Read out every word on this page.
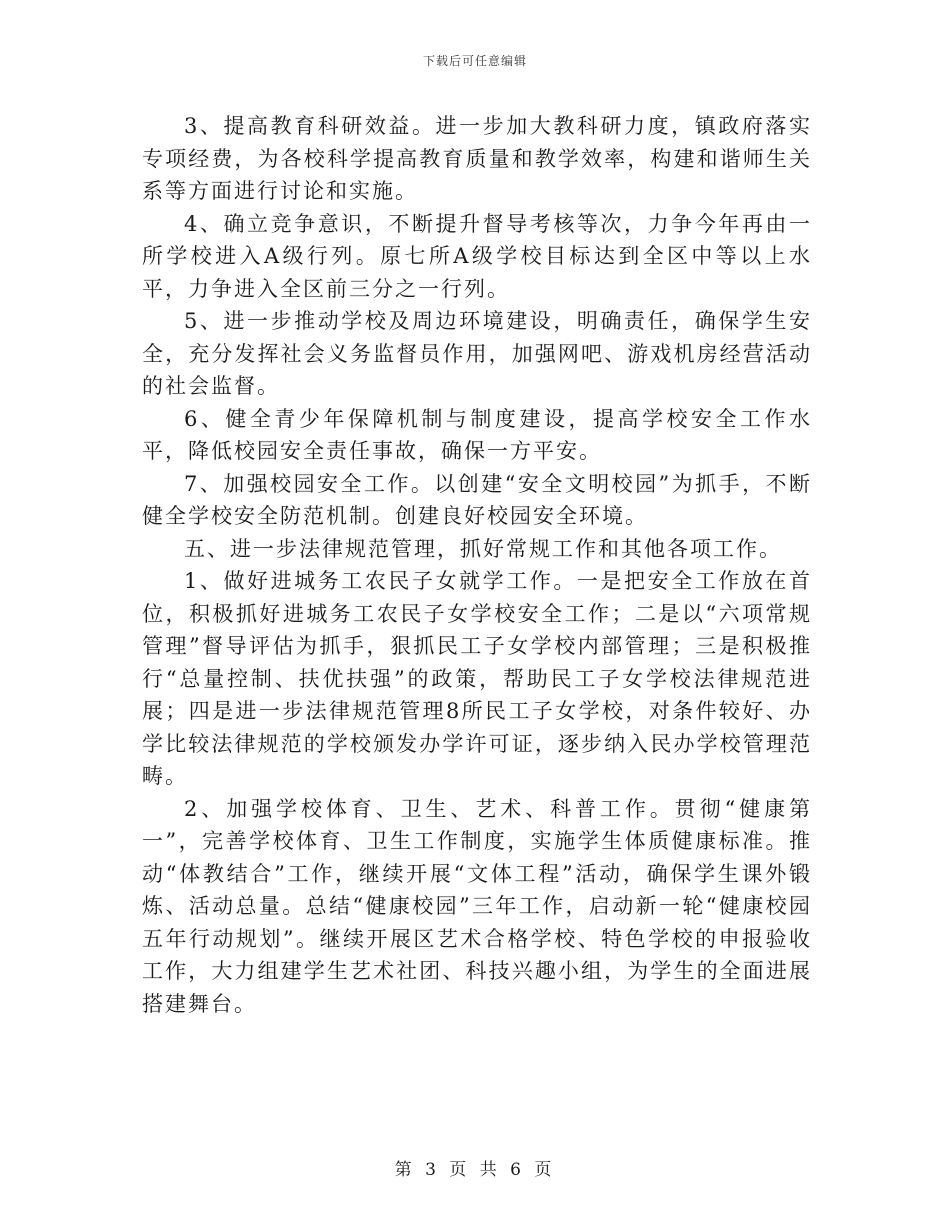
下载后可任意编辑

3、提高教育科研效益。进一步加大教科研力度，镇政府落实专项经费，为各校科学提高教育质量和教学效率，构建和谐师生关系等方面进行讨论和实施。

4、确立竞争意识，不断提升督导考核等次，力争今年再由一所学校进入A级行列。原七所A级学校目标达到全区中等以上水平，力争进入全区前三分之一行列。

5、进一步推动学校及周边环境建设，明确责任，确保学生安全，充分发挥社会义务监督员作用，加强网吧、游戏机房经营活动的社会监督。

6、健全青少年保障机制与制度建设，提高学校安全工作水平，降低校园安全责任事故，确保一方平安。

7、加强校园安全工作。以创建“安全文明校园”为抓手，不断健全学校安全防范机制。创建良好校园安全环境。

五、进一步法律规范管理，抓好常规工作和其他各项工作。

1、做好进城务工农民子女就学工作。一是把安全工作放在首位，积极抓好进城务工农民子女学校安全工作；二是以“六项常规管理”督导评估为抓手，狠抓民工子女学校内部管理；三是积极推行“总量控制、扶优扶强”的政策，帮助民工子女学校法律规范进展；四是进一步法律规范管理8所民工子女学校，对条件较好、办学比较法律规范的学校颁发办学许可证，逐步纳入民办学校管理范畴。

2、加强学校体育、卫生、艺术、科普工作。贯彻“健康第一”，完善学校体育、卫生工作制度，实施学生体质健康标准。推动“体教结合”工作，继续开展“文体工程”活动，确保学生课外锻炼、活动总量。总结“健康校园”三年工作，启动新一轮“健康校园五年行动规划”。继续开展区艺术合格学校、特色学校的申报验收工作，大力组建学生艺术社团、科技兴趣小组，为学生的全面进展搭建舞台。

第 3 页 共 6 页
